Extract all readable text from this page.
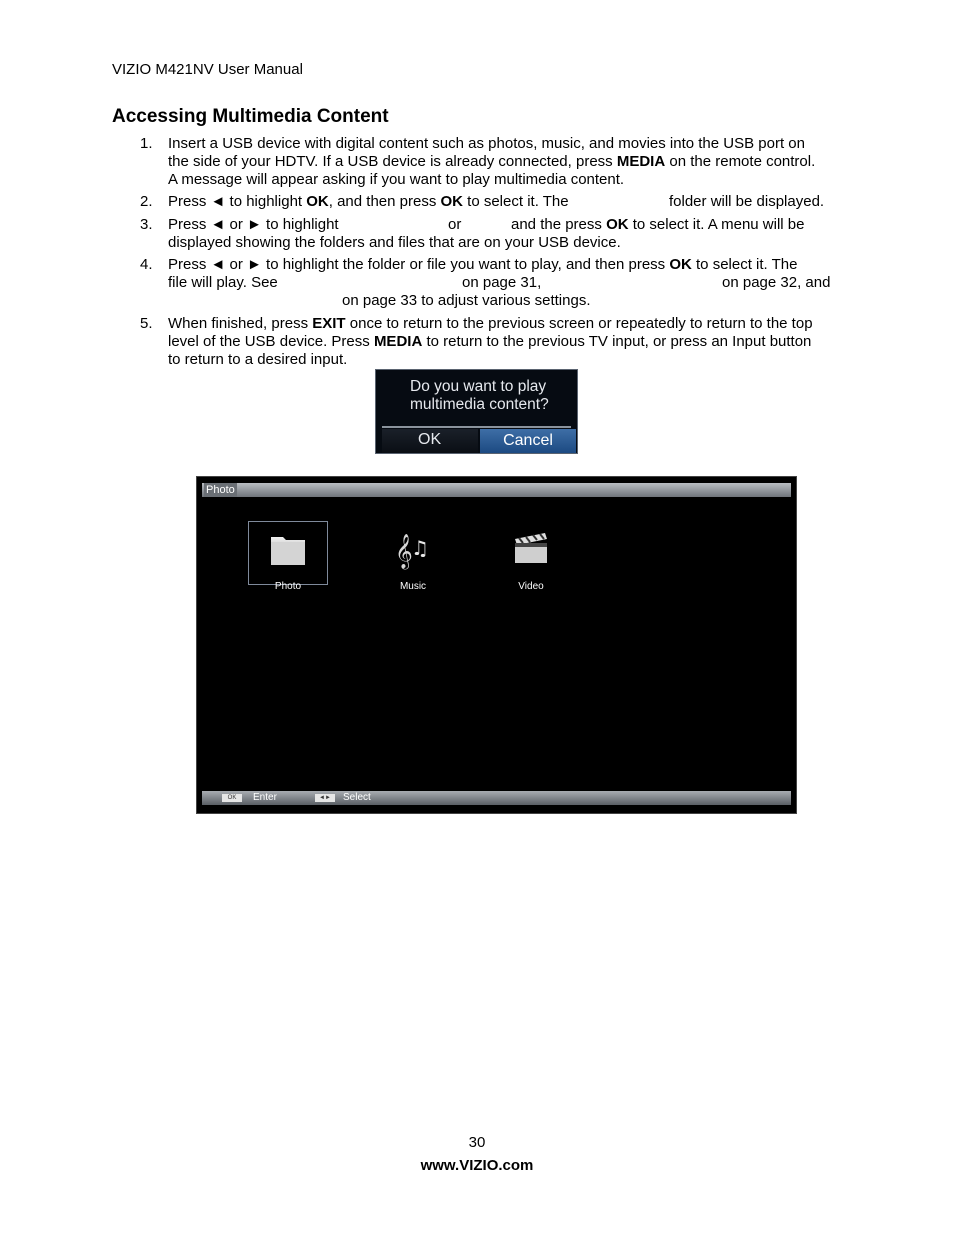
VIZIO M421NV User Manual
Accessing Multimedia Content
1. Insert a USB device with digital content such as photos, music, and movies into the USB port on
the side of your HDTV. If a USB device is already connected, press MEDIA on the remote control.
A message will appear asking if you want to play multimedia content.
2. Press ◄ to highlight OK, and then press OK to select it. The	folder will be displayed.
3. Press ◄ or ► to highlight	or	and the press OK to select it. A menu will be
displayed showing the folders and files that are on your USB device.
4. Press ◄ or ► to highlight the folder or file you want to play, and then press OK to select it. The
file will play. See	on page 31,	on page 32, and
on page 33 to adjust various settings.
5. When finished, press EXIT once to return to the previous screen or repeatedly to return to the top
level of the USB device. Press MEDIA to return to the previous TV input, or press an Input button
to return to a desired input.
Do you want to play
multimedia content?
OK	Cancel
Photo
Photo
𝄞
♫
Music	Video
OK	Enter	◄►	Select
30
www.VIZIO.com
